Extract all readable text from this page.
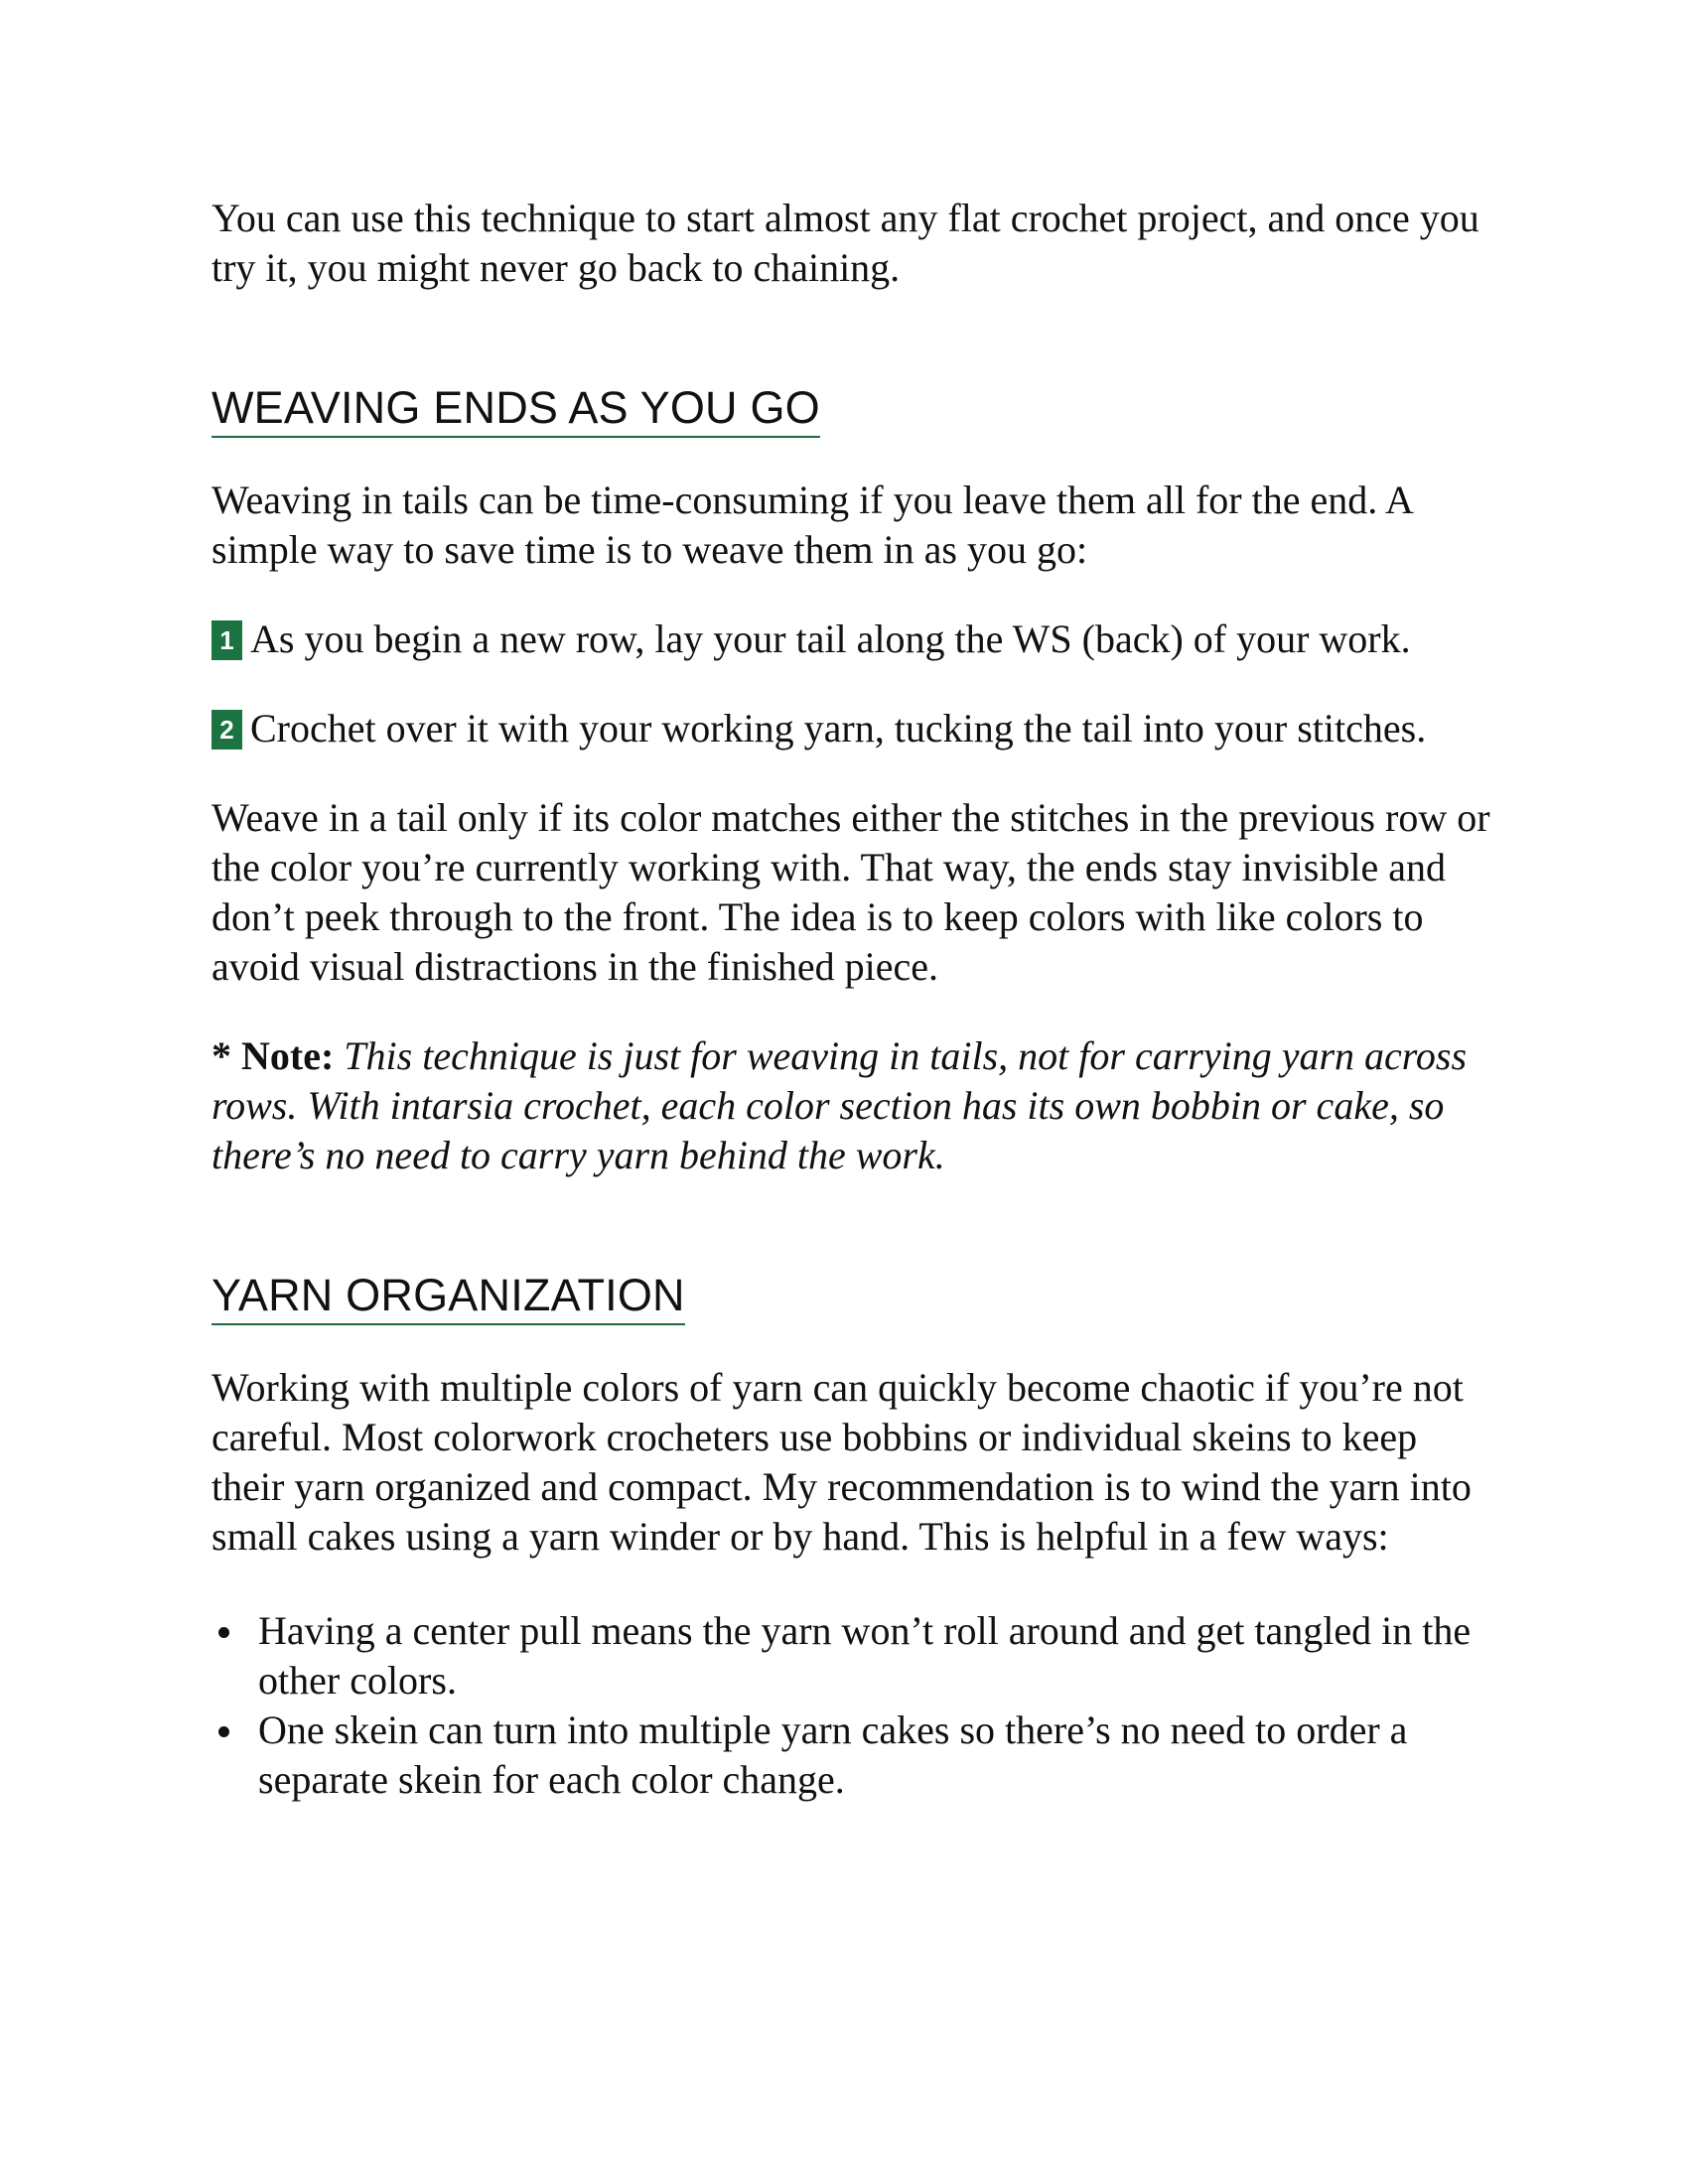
You can use this technique to start almost any flat crochet project, and once you try it, you might never go back to chaining.

WEAVING ENDS AS YOU GO

Weaving in tails can be time-consuming if you leave them all for the end. A simple way to save time is to weave them in as you go:

1 As you begin a new row, lay your tail along the WS (back) of your work.

2 Crochet over it with your working yarn, tucking the tail into your stitches.

Weave in a tail only if its color matches either the stitches in the previous row or the color you’re currently working with. That way, the ends stay invisible and don’t peek through to the front. The idea is to keep colors with like colors to avoid visual distractions in the finished piece.

* Note: This technique is just for weaving in tails, not for carrying yarn across rows. With intarsia crochet, each color section has its own bobbin or cake, so there’s no need to carry yarn behind the work.

YARN ORGANIZATION

Working with multiple colors of yarn can quickly become chaotic if you’re not careful. Most colorwork crocheters use bobbins or individual skeins to keep their yarn organized and compact. My recommendation is to wind the yarn into small cakes using a yarn winder or by hand. This is helpful in a few ways:

Having a center pull means the yarn won’t roll around and get tangled in the other colors.
One skein can turn into multiple yarn cakes so there’s no need to order a separate skein for each color change.
